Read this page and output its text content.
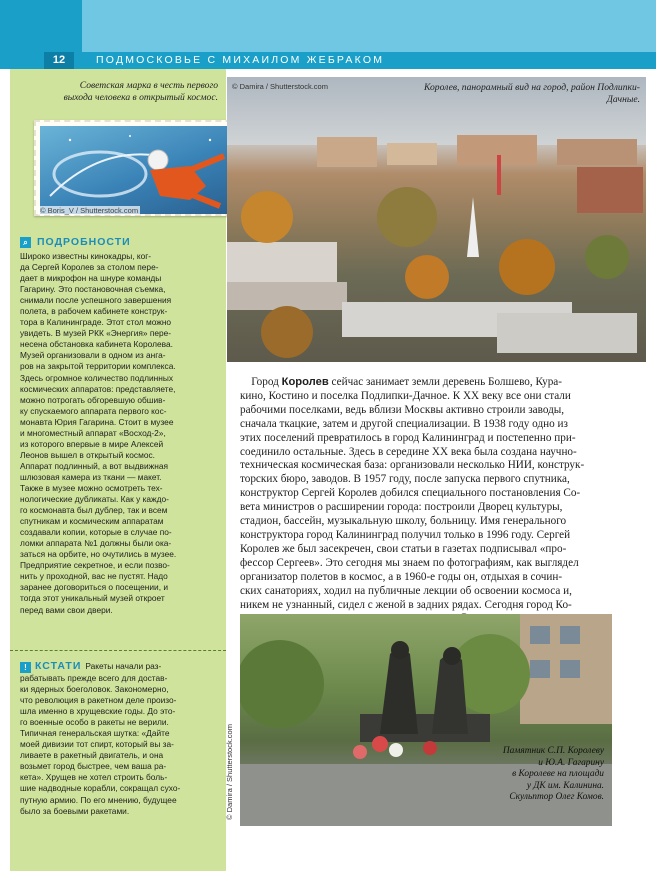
12	ПОДМОСКОВЬЕ С МИХАИЛОМ ЖЕБРАКОМ
Советская марка в честь первого выхода человека в открытый космос.
© Boris_V / Shutterstock.com
⌕ ПОДРОБНОСТИ
Широко известны кинокадры, ког-
да Сергей Королев за столом пере-
дает в микрофон на шнуре команды
Гагарину. Это постановочная съемка,
снимали после успешного завершения
полета, в рабочем кабинете конструк-
тора в Калининграде. Этот стол можно
увидеть. В музей РКК «Энергия» пере-
несена обстановка кабинета Королева.
Музей организовали в одном из анга-
ров на закрытой территории комплекса.
Здесь огромное количество подлинных
космических аппаратов: представляете,
можно потрогать обгоревшую обшив-
ку спускаемого аппарата первого кос-
монавта Юрия Гагарина. Стоит в музее
и многоместный аппарат «Восход-2»,
из которого впервые в мире Алексей
Леонов вышел в открытый космос.
Аппарат подлинный, а вот выдвижная
шлюзовая камера из ткани — макет.
Также в музее можно осмотреть тех-
нологические дубликаты. Как у каждо-
го космонавта был дублер, так и всем
спутникам и космическим аппаратам
создавали копии, которые в случае по-
ломки аппарата №1 должны были ока-
заться на орбите, но очутились в музее.
Предприятие секретное, и если позво-
нить у проходной, вас не пустят. Надо
заранее договориться о посещении, и
тогда этот уникальный музей откроет
перед вами свои двери.
! КСТАТИ Ракеты начали раз-
рабатывать прежде всего для достав-
ки ядерных боеголовок. Закономерно,
что революция в ракетном деле произо-
шла именно в хрущевские годы. До это-
го военные особо в ракеты не верили.
Типичная генеральская шутка: «Дайте
моей дивизии тот спирт, который вы за-
ливаете в ракетный двигатель, и она
возьмет город быстрее, чем ваша ра-
кета». Хрущев не хотел строить боль-
шие надводные корабли, сокращал сухо-
путную армию. По его мнению, будущее
было за боевыми ракетами.
© Damira / Shutterstock.com	Королев, панорамный вид на город, район Подлипки-Дачные.
Город Королев сейчас занимает земли деревень Болшево, Кура-
кино, Костино и поселка Подлипки-Дачное. К XX веку все они стали
рабочими поселками, ведь вблизи Москвы активно строили заводы,
сначала ткацкие, затем и другой специализации. В 1938 году одно из
этих поселений превратилось в город Калининград и постепенно при-
соединило остальные. Здесь в середине XX века была создана научно-
техническая космическая база: организовали несколько НИИ, конструк-
торских бюро, заводов. В 1957 году, после запуска первого спутника,
конструктор Сергей Королев добился специального постановления Со-
вета министров о расширении города: построили Дворец культуры,
стадион, бассейн, музыкальную школу, больницу. Имя генерального
конструктора город Калининград получил только в 1996 году. Сергей
Королев же был засекречен, свои статьи в газетах подписывал «про-
фессор Сергеев». Это сегодня мы знаем по фотографиям, как выглядел
организатор полетов в космос, а в 1960-е годы он, отдыхая в сочин-
ских санаториях, ходил на публичные лекции об освоении космоса и,
никем не узнанный, сидел с женой в задних рядах. Сегодня город Ко-
© Damira / Shutterstock.com	Памятник С.П. Королеву
и Ю.А. Гагарину
в Королеве на площади
у ДК им. Калинина.
Скульптор Олег Комов.
